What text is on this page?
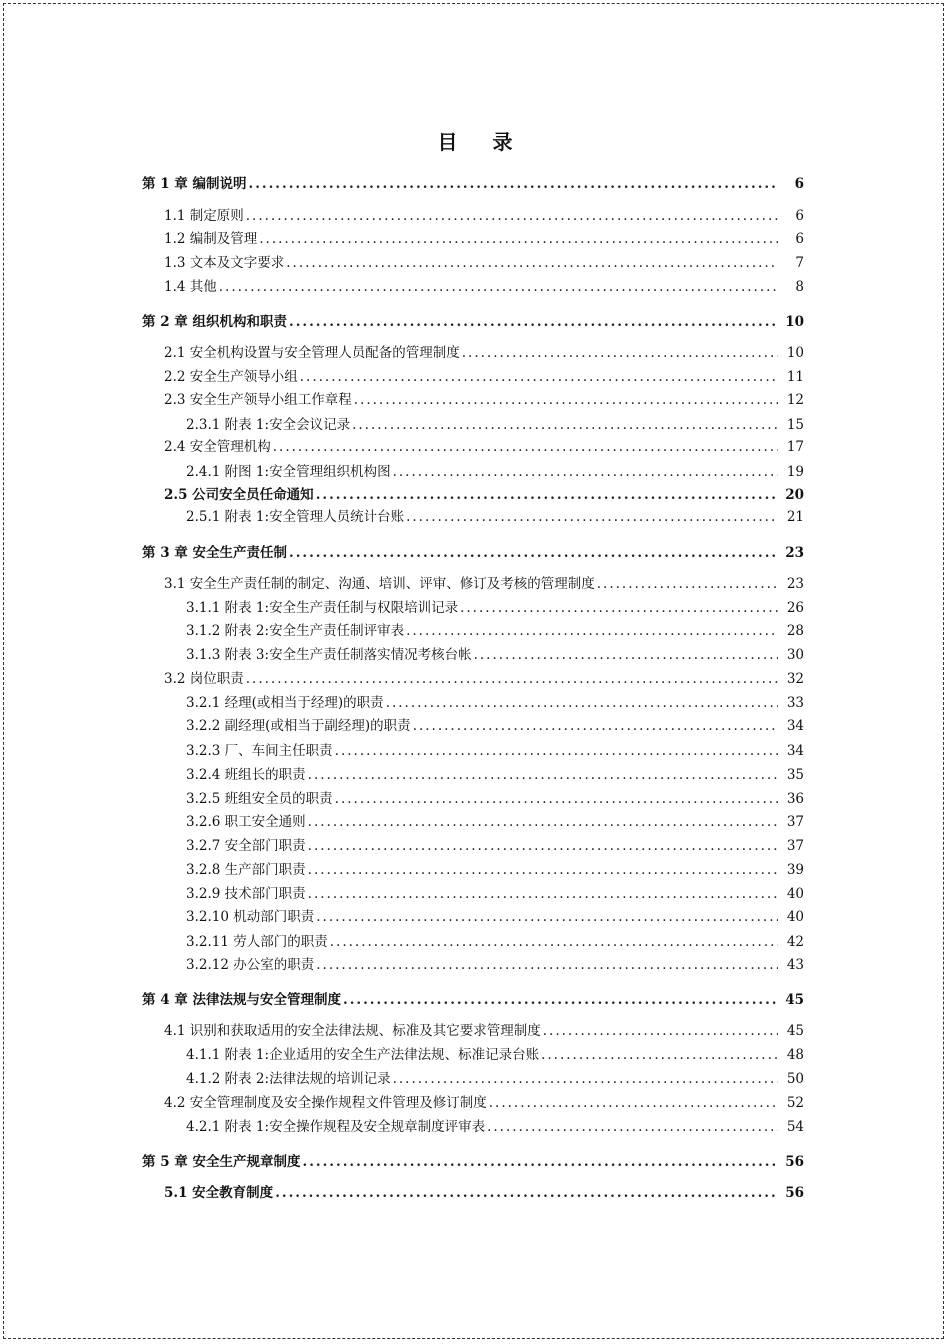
目 录
第 1 章 编制说明 .....	6
1.1 制定原则 .....	6
1.2 编制及管理 .....	6
1.3 文本及文字要求 .....	7
1.4 其他 .....	8
第 2 章 组织机构和职责 .....	10
2.1 安全机构设置与安全管理人员配备的管理制度 .....	10
2.2 安全生产领导小组 .....	11
2.3 安全生产领导小组工作章程 .....	12
2.3.1 附表 1:安全会议记录 .....	15
2.4 安全管理机构 .....	17
2.4.1 附图 1:安全管理组织机构图 .....	19
2.5 公司安全员任命通知 .....	20
2.5.1 附表 1:安全管理人员统计台账 .....	21
第 3 章 安全生产责任制 .....	23
3.1 安全生产责任制的制定、沟通、培训、评审、修订及考核的管理制度 .....	23
3.1.1 附表 1:安全生产责任制与权限培训记录 .....	26
3.1.2 附表 2:安全生产责任制评审表 .....	28
3.1.3 附表 3:安全生产责任制落实情况考核台帐 .....	30
3.2 岗位职责 .....	32
3.2.1 经理(或相当于经理)的职责 .....	33
3.2.2 副经理(或相当于副经理)的职责 .....	34
3.2.3 厂、车间主任职责 .....	34
3.2.4 班组长的职责 .....	35
3.2.5 班组安全员的职责 .....	36
3.2.6 职工安全通则 .....	37
3.2.7 安全部门职责 .....	37
3.2.8 生产部门职责 .....	39
3.2.9 技术部门职责 .....	40
3.2.10 机动部门职责 .....	40
3.2.11 劳人部门的职责 .....	42
3.2.12 办公室的职责 .....	43
第 4 章 法律法规与安全管理制度 .....	45
4.1 识别和获取适用的安全法律法规、标准及其它要求管理制度 .....	45
4.1.1 附表 1:企业适用的安全生产法律法规、标准记录台账 .....	48
4.1.2 附表 2:法律法规的培训记录 .....	50
4.2 安全管理制度及安全操作规程文件管理及修订制度 .....	52
4.2.1 附表 1:安全操作规程及安全规章制度评审表 .....	54
第 5 章 安全生产规章制度 .....	56
5.1 安全教育制度 .....	56
